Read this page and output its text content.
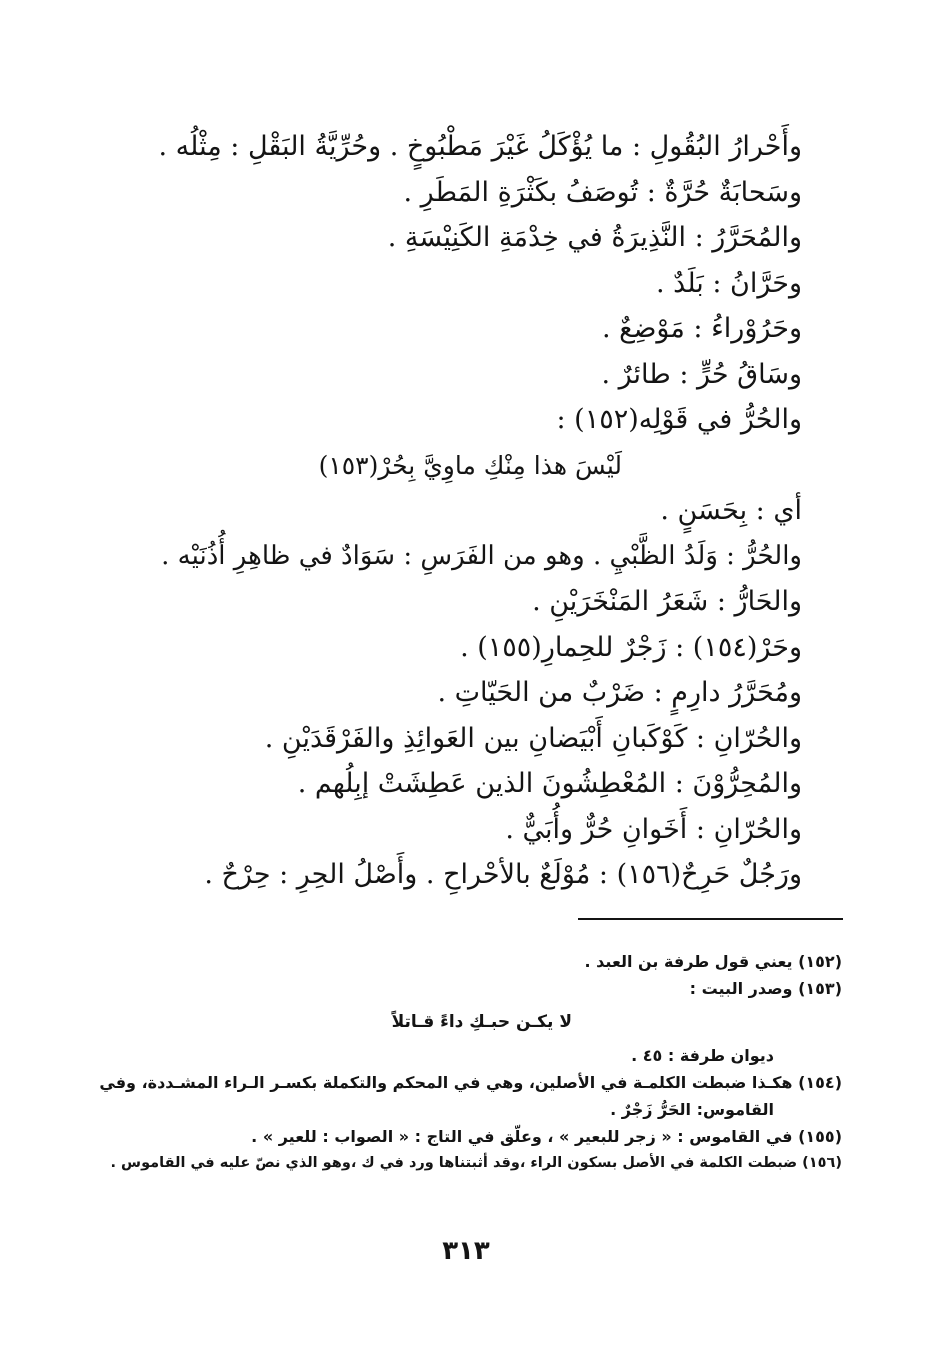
وأَحْرارُ البُقُولِ : ما يُؤْكَلُ غَيْرَ مَطْبُوخٍ . وحُرِّيَّةُ البَقْلِ : مِثْلُه .
وسَحابَةٌ حُرَّةٌ : تُوصَفُ بكَثْرَةِ المَطَرِ .
والمُحَرَّرُ : النَّذِيرَةُ في خِدْمَةِ الكَنِيْسَةِ .
وحَرَّانُ : بَلَدٌ .
وحَرُوْراءُ : مَوْضِعٌ .
وسَاقُ حُرٍّ : طائرٌ .
والحُرُّ في قَوْلِه(١٥٢) :
لَيْسَ هذا مِنْكِ ماوِيَّ بِحُرْ(١٥٣)
أي : بِحَسَنٍ .
والحُرُّ : وَلَدُ الظَّبْيِ . وهو من الفَرَسِ : سَوَادٌ في ظاهِرِ أُذُنَيْه .
والحَارُّ : شَعَرُ المَنْخَرَيْنِ .
وحَرْ(١٥٤) : زَجْرٌ للحِمارِ(١٥٥) .
ومُحَرَّرُ دارِمٍ : ضَرْبٌ من الحَيّاتِ .
والحُرّانِ : كَوْكَبانِ أَبْيَضانِ بين العَوائِذِ والفَرْقَدَيْنِ .
والمُحِرُّوْنَ : المُعْطِشُونَ الذين عَطِشَتْ إبِلُهم .
والحُرّانِ : أَخَوانِ حُرٌّ وأُبَيٌّ .
ورَجُلٌ حَرِحٌ(١٥٦) : مُوْلَعٌ بالأحْراحِ . وأَصْلُ الحِرِ : حِرْحٌ .
(١٥٢) يعني قول طرفة بن العبد .
(١٥٣) وصدر البيت :
لا يكـن حبـكِ داءً قـاتلاً
ديوان طرفة : ٤٥ .
(١٥٤) هكـذا ضبطت الكلمـة في الأصلين، وهي في المحكم والتكملة بكسـر الـراء المشـددة، وفي
القاموس: الحَرُّ زَجْرٌ .
(١٥٥) في القاموس : « زجر للبعير » ، وعلّق في التاج : « الصواب : للعير » .
(١٥٦) ضبطت الكلمة في الأصل بسكون الراء ،وقد أثبتناها ورد في ك ،وهو الذي نصّ عليه في القاموس .
٣١٣
